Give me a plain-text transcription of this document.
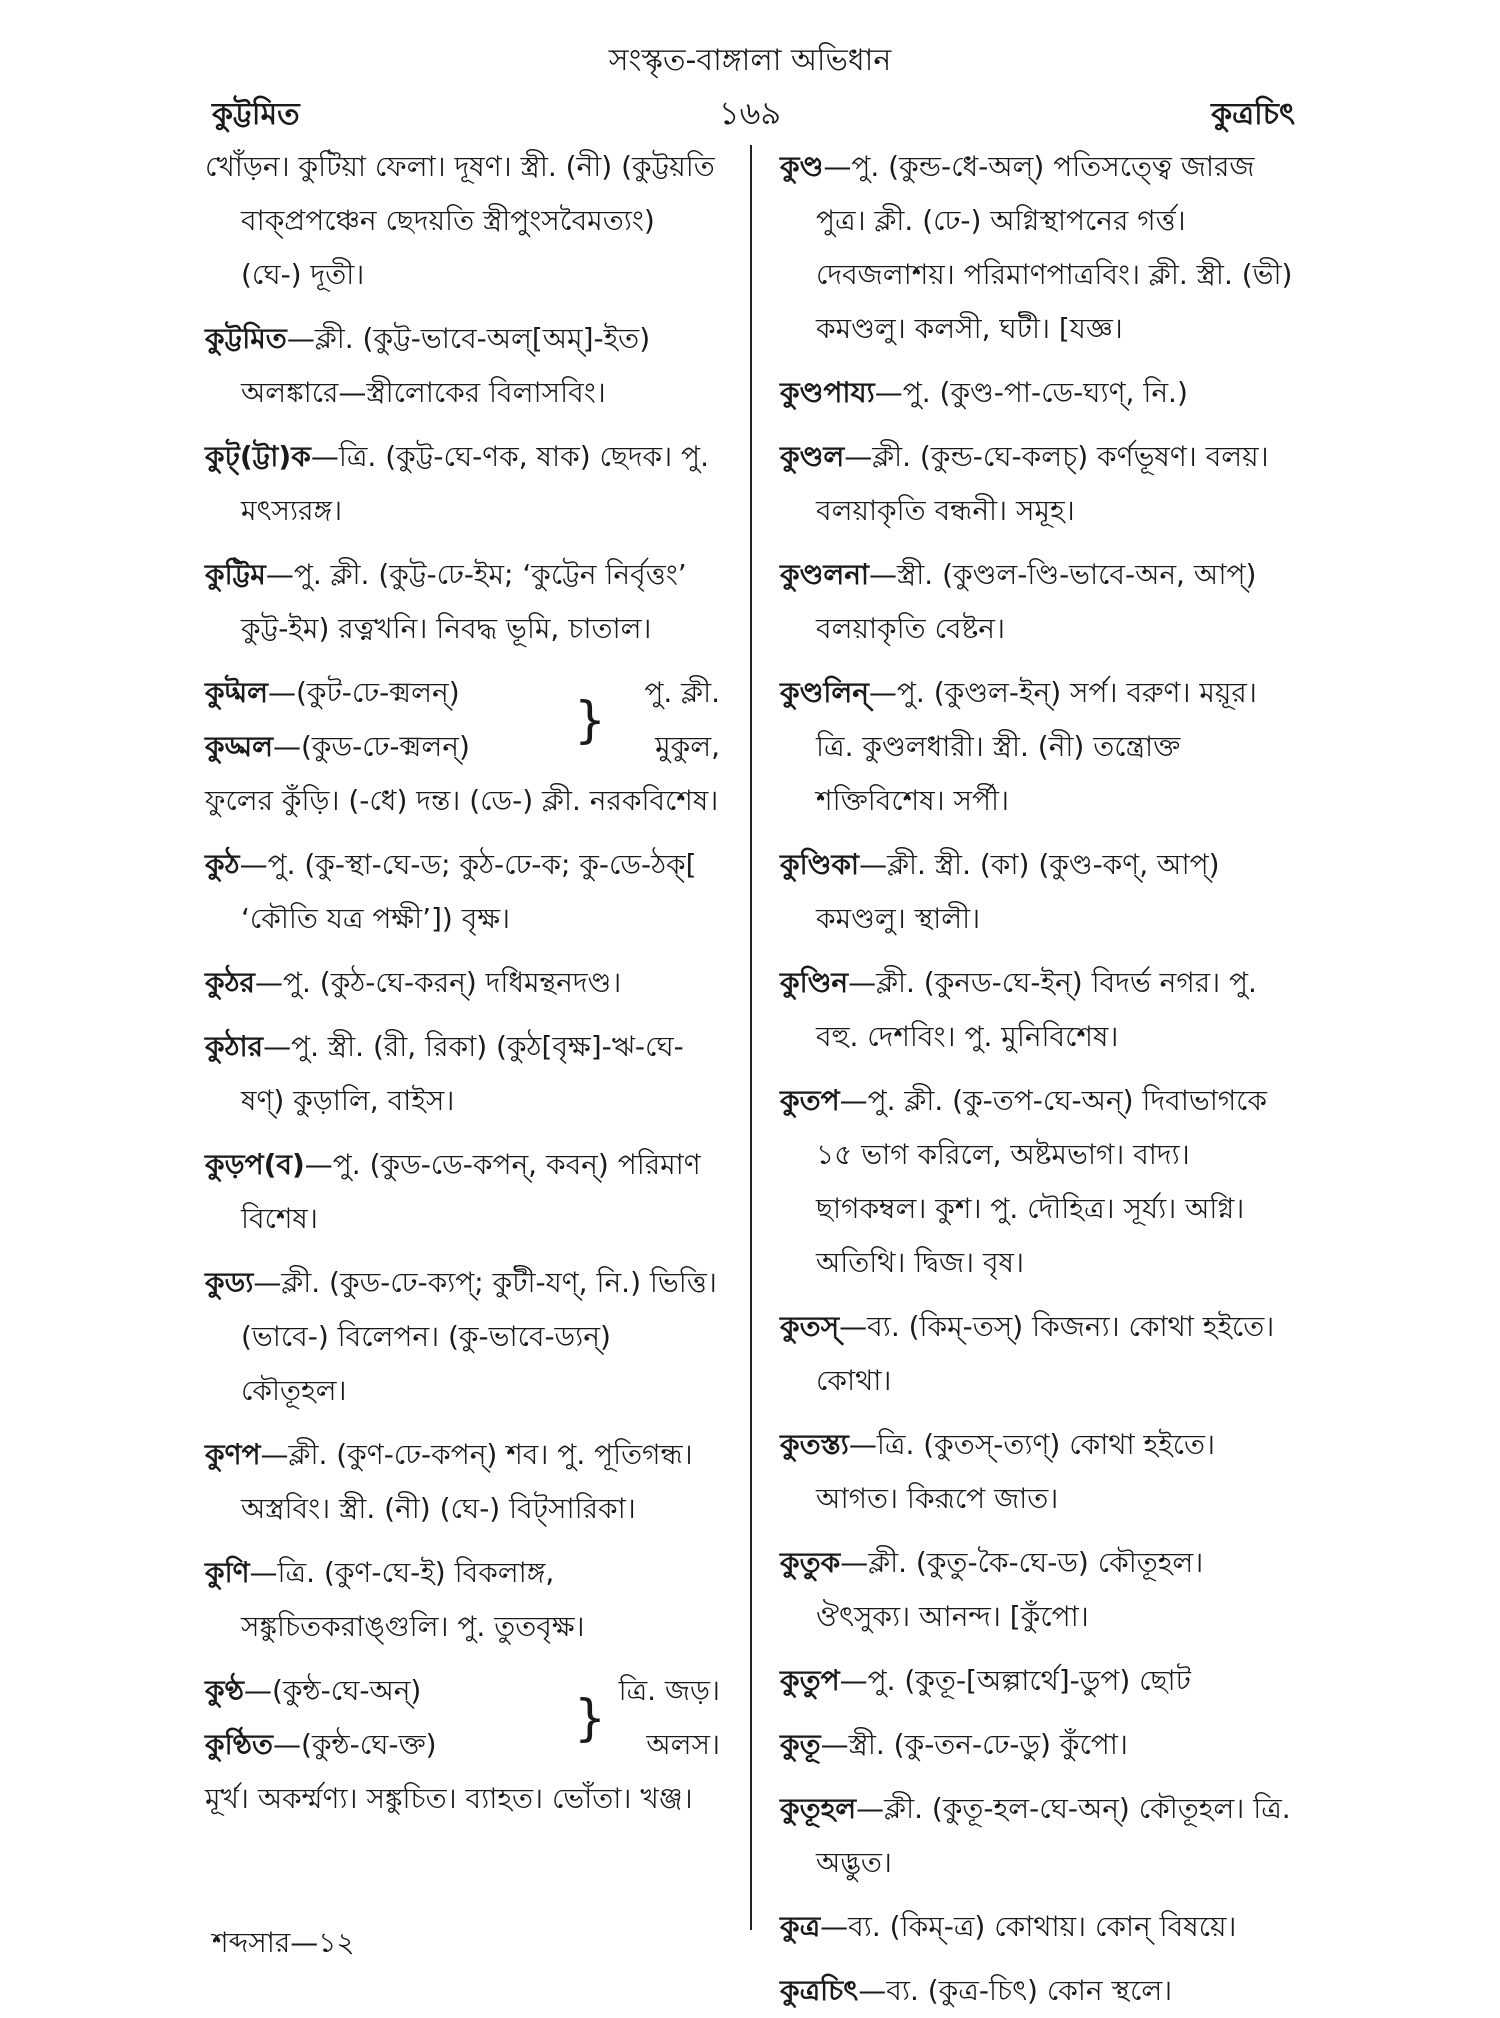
সংস্কৃত-বাঙ্গালা অভিধান
কুট্টমিত	১৬৯	কুত্রচিৎ
খোঁড়ন। কুটিয়া ফেলা। দূষণ। স্ত্রী. (নী) (কুট্টয়তি বাক্প্রপঞ্চেন ছেদয়তি স্ত্রীপুংসবৈমত্যং) (ঘে-) দূতী।
কুট্টমিত—ক্লী. (কুট্ট-ভাবে-অল্[অম্]-ইত) অলঙ্কারে—স্ত্রীলোকের বিলাসবিং।
কুট্(ট্টা)ক—ত্রি. (কুট্ট-ঘে-ণক, ষাক) ছেদক। পু. মৎস্যরঙ্গ।
কুট্টিম—পু. ক্লী. (কুট্ট-ঢে-ইম; ‘কুট্টেন নির্বৃত্তং’ কুট্ট-ইম) রত্নখনি। নিবদ্ধ ভূমি, চাতাল।
কুট্মল—(কুট-ঢে-ক্মলন্)
কুড্মল—(কুড-ঢে-ক্মলন্)	}	পু. ক্লী.
মুকুল,
ফুলের কুঁড়ি। (-ধে) দন্ত। (ডে-) ক্লী. নরকবিশেষ।
কুঠ—পু. (কু-স্থা-ঘে-ড; কুঠ-ঢে-ক; কু-ডে-ঠক্[ ‘কৌতি যত্র পক্ষী’]) বৃক্ষ।
কুঠর—পু. (কুঠ-ঘে-করন্) দধিমন্থনদণ্ড।
কুঠার—পু. স্ত্রী. (রী, রিকা) (কুঠ[বৃক্ষ]-ঋ-ঘে-ষণ্) কুড়ালি, বাইস।
কুড়প(ব)—পু. (কুড-ডে-কপন্, কবন্) পরিমাণ বিশেষ।
কুড্য—ক্লী. (কুড-ঢে-ক্যপ্; কুটী-যণ্, নি.) ভিত্তি। (ভাবে-) বিলেপন। (কু-ভাবে-ড্যন্) কৌতূহল।
কুণপ—ক্লী. (কুণ-ঢে-কপন্) শব। পু. পূতিগন্ধ। অস্ত্রবিং। স্ত্রী. (নী) (ঘে-) বিট্সারিকা।
কুণি—ত্রি. (কুণ-ঘে-ই) বিকলাঙ্গ, সঙ্কুচিতকরাঙ্গুলি। পু. তুতবৃক্ষ।
কুণ্ঠ—(কুন্ঠ-ঘে-অন্)
কুণ্ঠিত—(কুন্ঠ-ঘে-ক্ত)	} ত্রি. জড়।
অলস।
মূর্খ। অকর্ম্মণ্য। সঙ্কুচিত। ব্যাহত। ভোঁতা। খঞ্জ।
কুণ্ড—পু. (কুন্ড-ধে-অল্) পতিসত্ত্বে জারজ পুত্র। ক্লী. (ঢে-) অগ্নিস্থাপনের গর্ত্ত। দেবজলাশয়। পরিমাণপাত্রবিং। ক্লী. স্ত্রী. (ভী) কমণ্ডলু। কলসী, ঘটী। [যজ্ঞ।
কুণ্ডপায্য—পু. (কুণ্ড-পা-ডে-ঘ্যণ্, নি.)
কুণ্ডল—ক্লী. (কুন্ড-ঘে-কলচ্) কর্ণভূষণ। বলয়। বলয়াকৃতি বন্ধনী। সমূহ।
কুণ্ডলনা—স্ত্রী. (কুণ্ডল-ণ্ডি-ভাবে-অন, আপ্) বলয়াকৃতি বেষ্টন।
কুণ্ডলিন্—পু. (কুণ্ডল-ইন্) সর্প। বরুণ। ময়ূর। ত্রি. কুণ্ডলধারী। স্ত্রী. (নী) তন্ত্রোক্ত শক্তিবিশেষ। সর্পী।
কুণ্ডিকা—ক্লী. স্ত্রী. (কা) (কুণ্ড-কণ্, আপ্) কমণ্ডলু। স্থালী।
কুণ্ডিন—ক্লী. (কুনড-ঘে-ইন্) বিদর্ভ নগর। পু. বহু. দেশবিং। পু. মুনিবিশেষ।
কুতপ—পু. ক্লী. (কু-তপ-ঘে-অন্) দিবাভাগকে ১৫ ভাগ করিলে, অষ্টমভাগ। বাদ্য। ছাগকম্বল। কুশ। পু. দৌহিত্র। সূর্য্য। অগ্নি। অতিথি। দ্বিজ। বৃষ।
কুতস্—ব্য. (কিম্-তস্) কিজন্য। কোথা হইতে। কোথা।
কুতস্ত্য—ত্রি. (কুতস্-ত্যণ্) কোথা হইতে। আগত। কিরূপে জাত।
কুতুক—ক্লী. (কুতু-কৈ-ঘে-ড) কৌতূহল। ঔৎসুক্য। আনন্দ। [কুঁপো।
কুতুপ—পু. (কুতূ-[অল্পার্থে]-ডুপ) ছোট
কুতূ—স্ত্রী. (কু-তন-ঢে-ডু) কুঁপো।
কুতূহল—ক্লী. (কুতূ-হল-ঘে-অন্) কৌতূহল। ত্রি. অদ্ভুত।
কুত্র—ব্য. (কিম্-ত্র) কোথায়। কোন্ বিষয়ে।
কুত্রচিৎ—ব্য. (কুত্র-চিৎ) কোন স্থলে।
শব্দসার—১২
